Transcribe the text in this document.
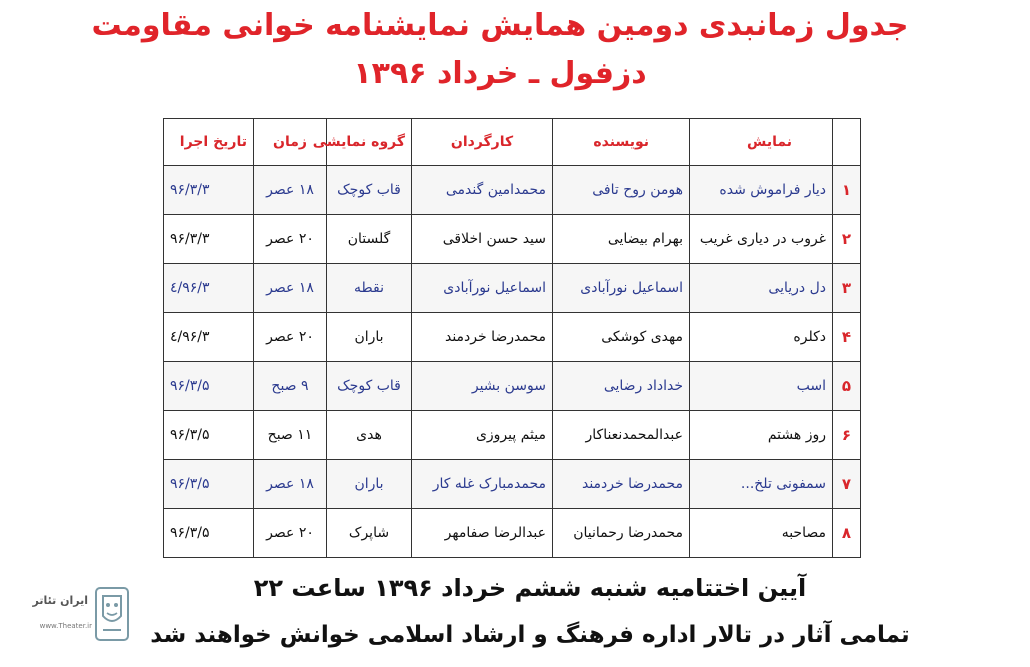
جدول زمانبدی دومین همایش نمایشنامه خوانی مقاومت
دزفول ـ خرداد ۱۳۹۶
	نمایش	نویسنده	کارگردان	گروه نمایشی	زمان	تاریخ اجرا
۱	دیار فراموش شده	هومن روح تافی	محمدامین گندمی	قاب کوچک	۱۸ عصر	۹۶/۳/۳
۲	غروب در دیاری غریب	بهرام بیضایی	سید حسن اخلاقی	گلستان	۲۰ عصر	۹۶/۳/۳
۳	دل دریایی	اسماعیل نورآبادی	اسماعیل نورآبادی	نقطه	۱۸ عصر	۹۶/۳/٤
۴	دکلره	مهدی کوشکی	محمدرضا خردمند	باران	۲۰ عصر	۹۶/۳/٤
۵	اسب	خداداد رضایی	سوسن بشیر	قاب کوچک	۹ صبح	۹۶/۳/۵
۶	روز هشتم	عبدالمحمدنعناکار	میثم پیروزی	هدی	۱۱ صبح	۹۶/۳/۵
۷	سمفونی تلخ...	محمدرضا خردمند	محمدمبارک غله کار	باران	۱۸ عصر	۹۶/۳/۵
۸	مصاحبه	محمدرضا رحمانیان	عبدالرضا صفامهر	شاپرک	۲۰ عصر	۹۶/۳/۵
آیین اختتامیه شنبه ششم خرداد ۱۳۹۶ ساعت ۲۲
تمامی آثار در تالار اداره فرهنگ و ارشاد اسلامی خوانش خواهند شد
ایران تئاتر
www.Theater.ir
